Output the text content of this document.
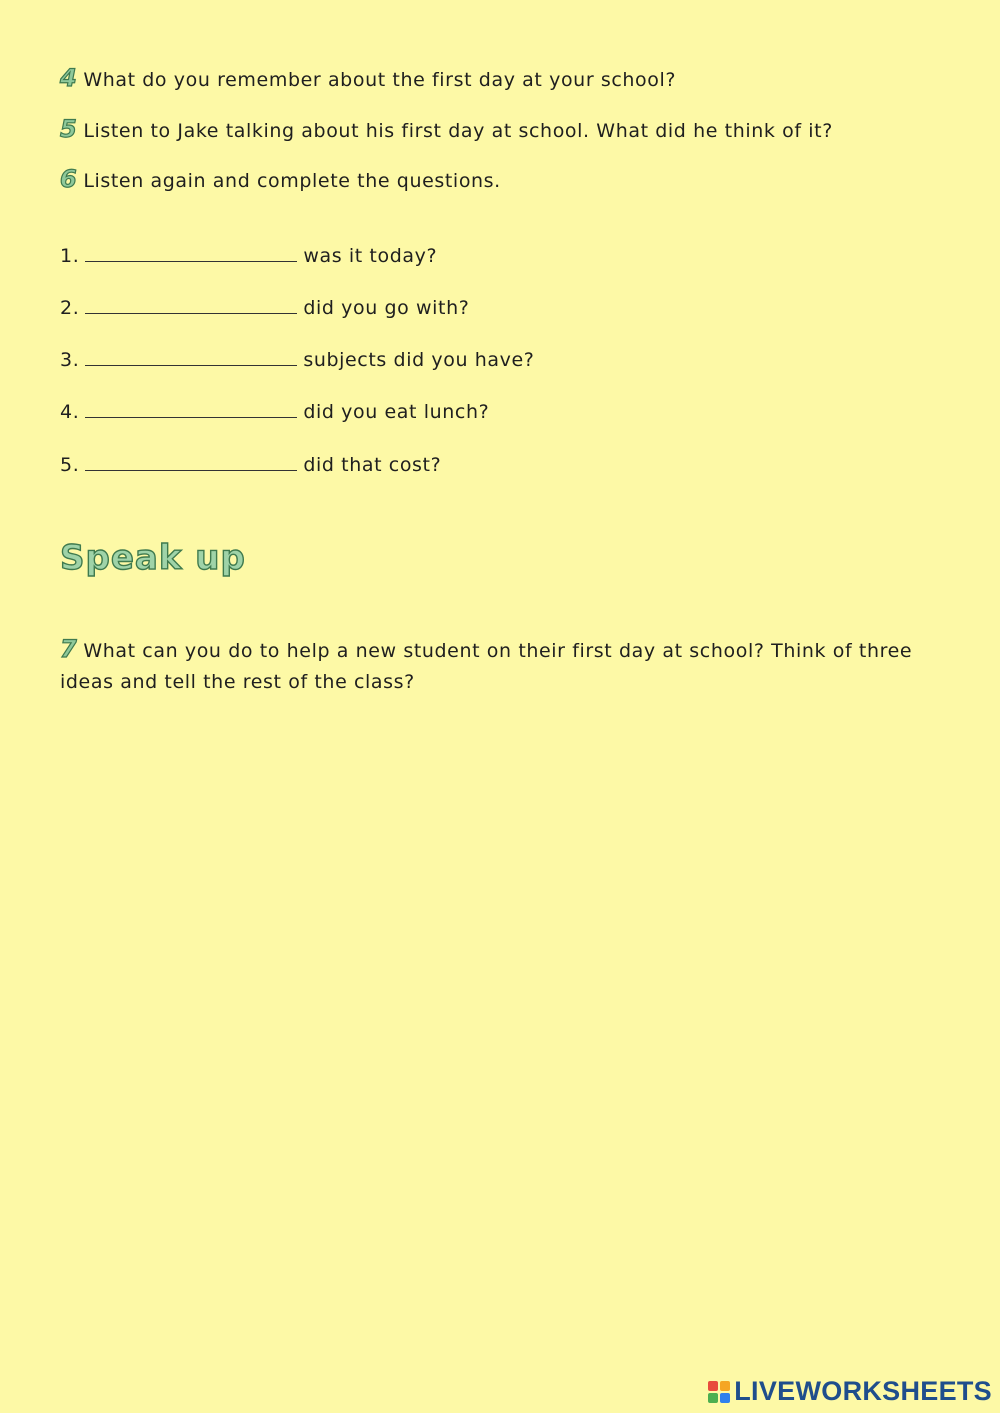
4 What do you remember about the first day at your school?
5 Listen to Jake talking about his first day at school. What did he think of it?
6 Listen again and complete the questions.
1.	was it today?
2.	did you go with?
3.	subjects did you have?
4.	did you eat lunch?
5.	did that cost?
Speak up
7 What can you do to help a new student on their first day at school? Think of three ideas and tell the rest of the class?
LIVEWORKSHEETS
